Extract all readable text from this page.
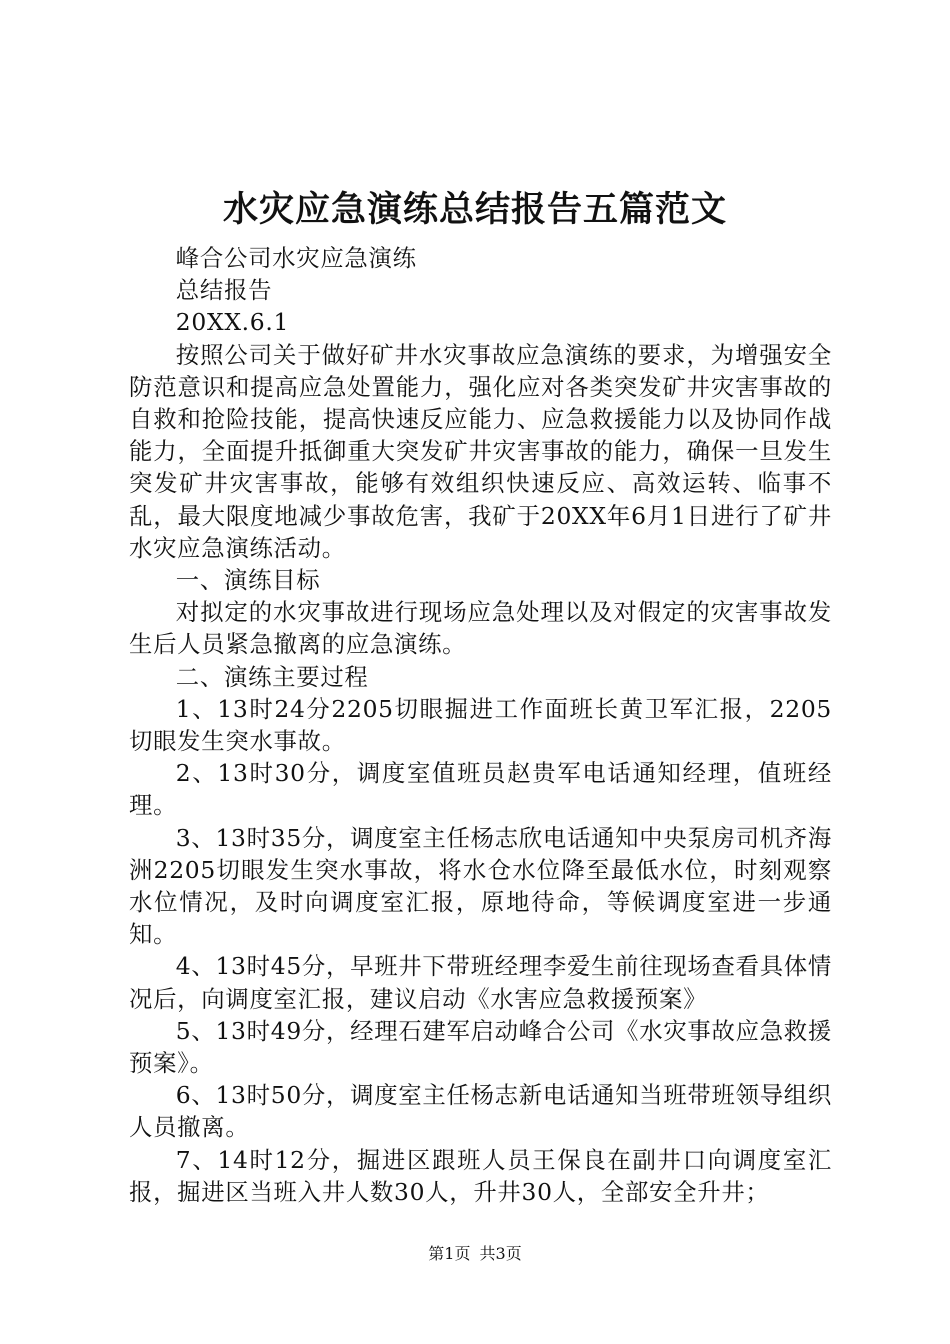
水灾应急演练总结报告五篇范文

峰合公司水灾应急演练

总结报告

20XX.6.1

按照公司关于做好矿井水灾事故应急演练的要求，为增强安全防范意识和提高应急处置能力，强化应对各类突发矿井灾害事故的自救和抢险技能，提高快速反应能力、应急救援能力以及协同作战能力，全面提升抵御重大突发矿井灾害事故的能力，确保一旦发生突发矿井灾害事故，能够有效组织快速反应、高效运转、临事不乱，最大限度地减少事故危害，我矿于20XX年6月1日进行了矿井水灾应急演练活动。

一、演练目标

对拟定的水灾事故进行现场应急处理以及对假定的灾害事故发生后人员紧急撤离的应急演练。

二、演练主要过程

1、13时24分2205切眼掘进工作面班长黄卫军汇报，2205切眼发生突水事故。

2、13时30分，调度室值班员赵贵军电话通知经理，值班经理。

3、13时35分，调度室主任杨志欣电话通知中央泵房司机齐海洲2205切眼发生突水事故，将水仓水位降至最低水位，时刻观察水位情况，及时向调度室汇报，原地待命，等候调度室进一步通知。

4、13时45分，早班井下带班经理李爱生前往现场查看具体情况后，向调度室汇报，建议启动《水害应急救援预案》

5、13时49分，经理石建军启动峰合公司《水灾事故应急救援预案》。

6、13时50分，调度室主任杨志新电话通知当班带班领导组织人员撤离。

7、14时12分，掘进区跟班人员王保良在副井口向调度室汇报，掘进区当班入井人数30人，升井30人，全部安全升井；

第1页 共3页
